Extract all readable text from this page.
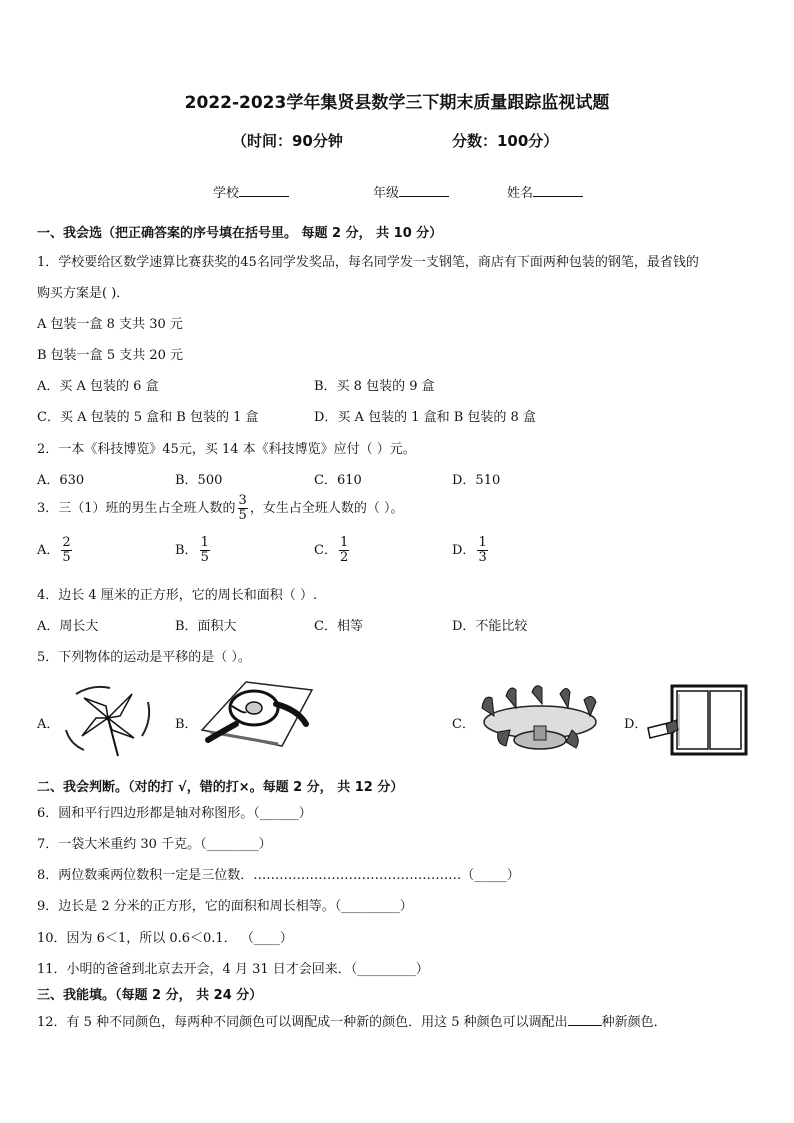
2022-2023学年集贤县数学三下期末质量跟踪监视试题
（时间：90分钟	分数：100分）
学校	年级	姓名
一、我会选（把正确答案的序号填在括号里。 每题 2 分， 共 10 分）
1．学校要给区数学速算比赛获奖的45名同学发奖品，每名同学发一支钢笔，商店有下面两种包装的钢笔，最省钱的
购买方案是( )．
A 包装一盒 8 支共 30 元
B 包装一盒 5 支共 20 元
A．买 A 包装的 6 盒	B．买 8 包装的 9 盒
C．买 A 包装的 5 盒和 B 包装的 1 盒	D．买 A 包装的 1 盒和 B 包装的 8 盒
2．一本《科技博览》45元，买 14 本《科技博览》应付（ ）元。
A．630	B．500	C．610	D．510
3．三（1）班的男生占全班人数的 $\frac{3}{5}$ ，女生占全班人数的（ ）。
A． $\frac{2}{5}$	B． $\frac{1}{5}$	C． $\frac{1}{2}$	D． $\frac{1}{3}$
4．边长 4 厘米的正方形，它的周长和面积（ ）.
A．周长大	B．面积大	C．相等	D．不能比较
5．下列物体的运动是平移的是（ ）。
A．	B．	C．	D．
二、我会判断。（对的打 √，错的打×。每题 2 分， 共 12 分）
6．圆和平行四边形都是轴对称图形。（______）
7．一袋大米重约 30 千克。（________）
8．两位数乘两位数积一定是三位数．…………………………………………（_____）
9．边长是 2 分米的正方形，它的面积和周长相等。（_________）
10．因为 6＜1，所以 0.6＜0.1． （____）
11．小明的爸爸到北京去开会，4 月 31 日才会回来．（_________）
三、我能填。（每题 2 分， 共 24 分）
12．有 5 种不同颜色，每两种不同颜色可以调配成一种新的颜色．用这 5 种颜色可以调配出	种新颜色．
